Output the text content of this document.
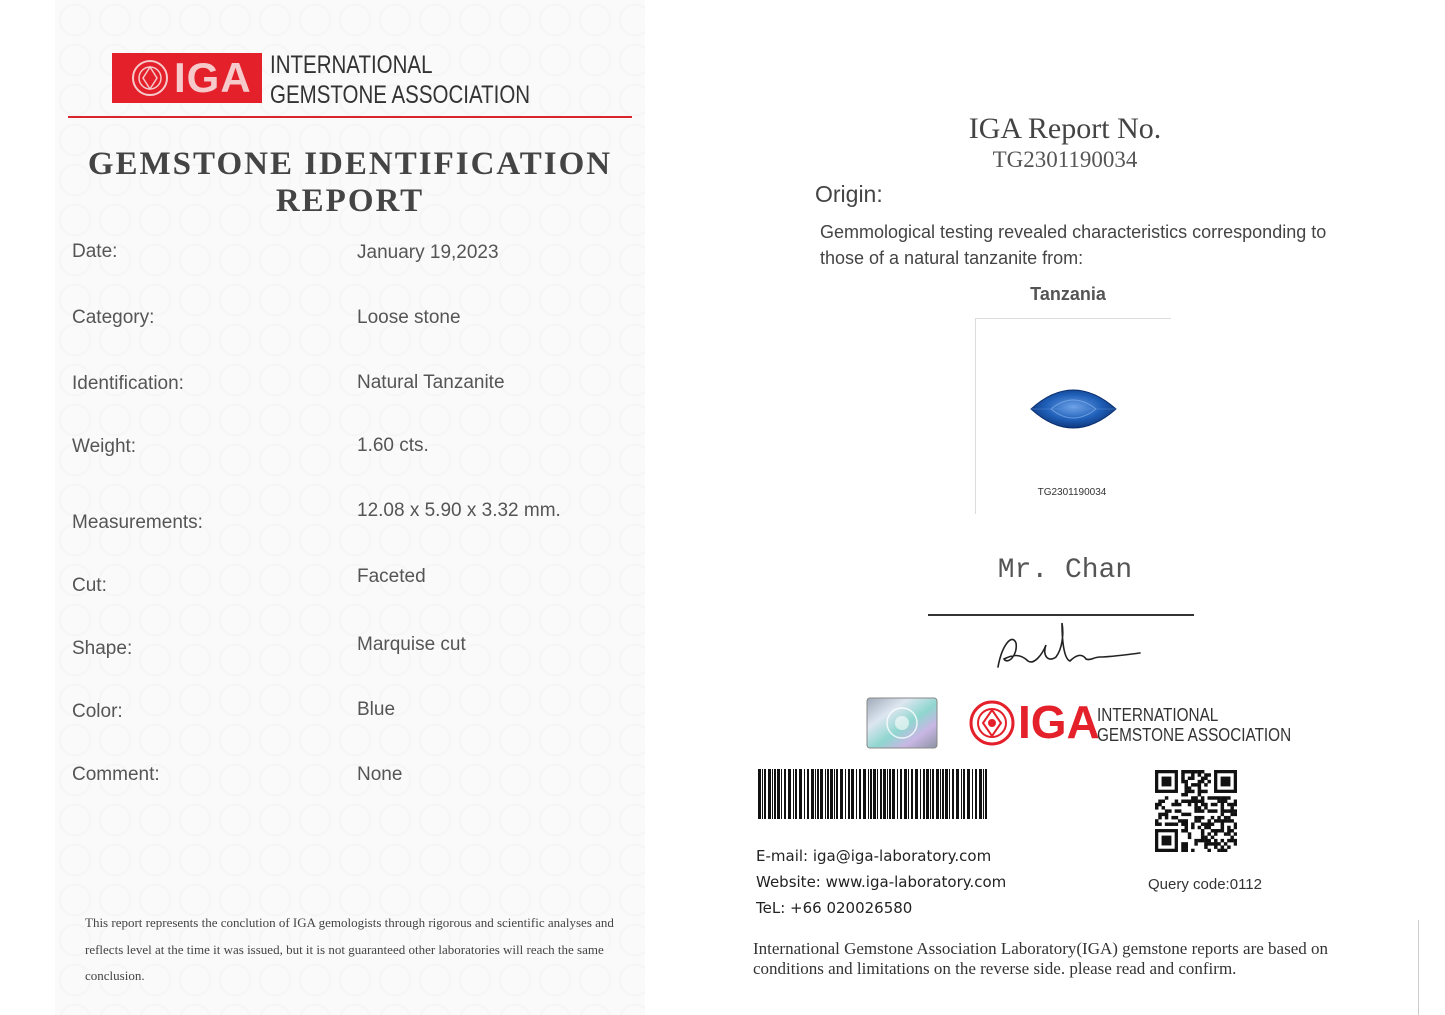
IGA INTERNATIONAL
GEMSTONE ASSOCIATION
GEMSTONE IDENTIFICATION
REPORT
Date:	January 19,2023
Category:	Loose stone
Identification:	Natural Tanzanite
Weight:	1.60 cts.
Measurements:
12.08 x 5.90 x 3.32 mm.
Cut:	Faceted
Shape:	Marquise cut
Color:	Blue
Comment:	None
This report represents the conclution of IGA gemologists through rigorous and scientific analyses and reflects level at the time it was issued, but it is not guaranteed other laboratories will reach the same conclusion.
IGA Report No.
TG2301190034
Origin:
Gemmological testing revealed characteristics corresponding to those of a natural tanzanite from:
Tanzania
TG2301190034
Mr. Chan
IGA
INTERNATIONAL
GEMSTONE ASSOCIATION
E-mail: iga@iga-laboratory.com
Website: www.iga-laboratory.com
TeL: +66 020026580
Query code:0112
International Gemstone Association Laboratory(IGA) gemstone reports are based on conditions and limitations on the reverse side. please read and confirm.
